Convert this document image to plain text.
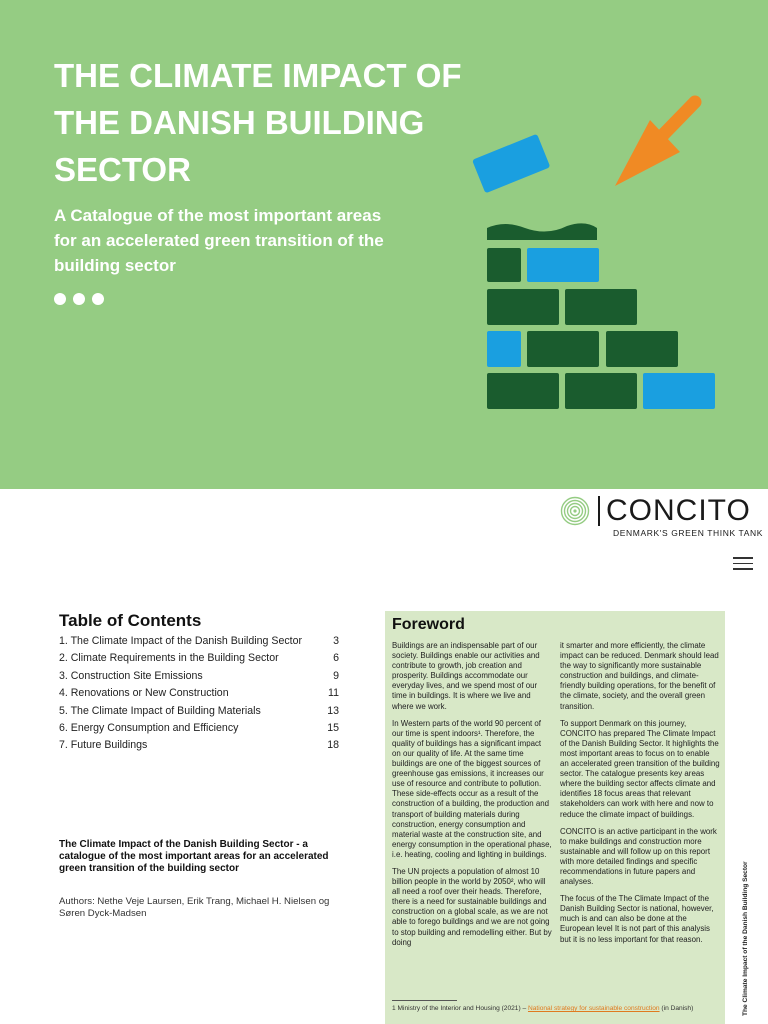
THE CLIMATE IMPACT OF THE DANISH BUILDING SECTOR

A Catalogue of the most important areas for an accelerated green transition of the building sector

CONCITO
DENMARK'S GREEN THINK TANK
Table of Contents
1. The Climate Impact of the Danish Building Sector	3
2. Climate Requirements in the Building Sector	6
3. Construction Site Emissions	9
4. Renovations or New Construction	11
5. The Climate Impact of Building Materials	13
6. Energy Consumption and Efficiency	15
7. Future Buildings	18

The Climate Impact of the Danish Building Sector - a catalogue of the most important areas for an accelerated green transition of the building sector

Authors: Nethe Veje Laursen, Erik Trang, Michael H. Nielsen og Søren Dyck-Madsen

Foreword

Buildings are an indispensable part of our society. Buildings enable our activities and contribute to growth, job creation and prosperity. Buildings accommodate our everyday lives, and we spend most of our time in buildings. It is where we live and where we work.

In Western parts of the world 90 percent of our time is spent indoors¹. Therefore, the quality of buildings has a significant impact on our quality of life. At the same time buildings are one of the biggest sources of greenhouse gas emissions, it increases our use of resource and contribute to pollution. These side-effects occur as a result of the construction of a building, the production and transport of building materials during construction, energy consumption and material waste at the construction site, and energy consumption in the operational phase, i.e. heating, cooling and lighting in buildings.

The UN projects a population of almost 10 billion people in the world by 2050², who will all need a roof over their heads. Therefore, there is a need for sustainable buildings and construction on a global scale, as we are not able to forego buildings and we are not going to stop building and remodelling either. But by doing

it smarter and more efficiently, the climate impact can be reduced. Denmark should lead the way to significantly more sustainable construction and buildings, and climate-friendly building operations, for the benefit of the climate, society, and the overall green transition.

To support Denmark on this journey, CONCITO has prepared The Climate Impact of the Danish Building Sector. It highlights the most important areas to focus on to enable an accelerated green transition of the building sector. The catalogue presents key areas where the building sector affects climate and identifies 18 focus areas that relevant stakeholders can work with here and now to reduce the climate impact of buildings.

CONCITO is an active participant in the work to make buildings and construction more sustainable and will follow up on this report with more detailed findings and specific recommendations in future papers and analyses.

The focus of the The Climate Impact of the Danish Building Sector is national, however, much is and can also be done at the European level It is not part of this analysis but it is no less important for that reason.

1 Ministry of the Interior and Housing (2021) – National strategy for sustainable construction (in Danish)	The Climate Impact of the Danish Building Sector
